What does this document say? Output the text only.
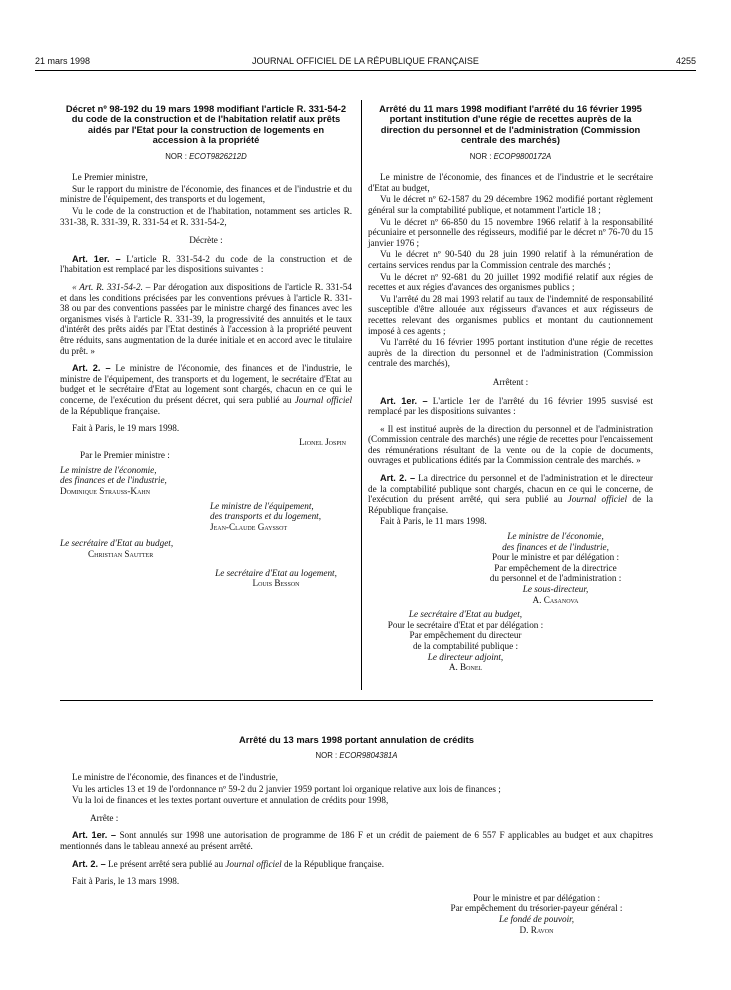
21 mars 1998	JOURNAL OFFICIEL DE LA RÉPUBLIQUE FRANÇAISE	4255
Décret nº 98-192 du 19 mars 1998 modifiant l'article R. 331-54-2 du code de la construction et de l'habitation relatif aux prêts aidés par l'Etat pour la construction de logements en accession à la propriété
NOR : ECOT9826212D

Le Premier ministre,

Sur le rapport du ministre de l'économie, des finances et de l'industrie et du ministre de l'équipement, des transports et du logement,

Vu le code de la construction et de l'habitation, notamment ses articles R. 331-38, R. 331-39, R. 331-54 et R. 331-54-2,

Décrète :

Art. 1er. – L'article R. 331-54-2 du code de la construction et de l'habitation est remplacé par les dispositions suivantes :

« Art. R. 331-54-2. – Par dérogation aux dispositions de l'article R. 331-54 et dans les conditions précisées par les conventions prévues à l'article R. 331-38 ou par des conventions passées par le ministre chargé des finances avec les organismes visés à l'article R. 331-39, la progressivité des annuités et le taux d'intérêt des prêts aidés par l'Etat destinés à l'accession à la propriété peuvent être réduits, sans augmentation de la durée initiale et en accord avec le titulaire du prêt. »

Art. 2. – Le ministre de l'économie, des finances et de l'industrie, le ministre de l'équipement, des transports et du logement, le secrétaire d'Etat au budget et le secrétaire d'Etat au logement sont chargés, chacun en ce qui le concerne, de l'exécution du présent décret, qui sera publié au Journal officiel de la République française.

Fait à Paris, le 19 mars 1998.

Lionel Jospin
Par le Premier ministre :
Le ministre de l'économie,
des finances et de l'industrie,
Dominique Strauss-Kahn
Le ministre de l'équipement,
des transports et du logement,
Jean-Claude Gayssot
Le secrétaire d'Etat au budget,
Christian Sautter
Le secrétaire d'Etat au logement,
Louis Besson
Arrêté du 11 mars 1998 modifiant l'arrêté du 16 février 1995 portant institution d'une régie de recettes auprès de la direction du personnel et de l'administration (Commission centrale des marchés)
NOR : ECOP9800172A

Le ministre de l'économie, des finances et de l'industrie et le secrétaire d'Etat au budget,

Vu le décret nº 62-1587 du 29 décembre 1962 modifié portant règlement général sur la comptabilité publique, et notamment l'article 18 ;

Vu le décret nº 66-850 du 15 novembre 1966 relatif à la responsabilité pécuniaire et personnelle des régisseurs, modifié par le décret nº 76-70 du 15 janvier 1976 ;

Vu le décret nº 90-540 du 28 juin 1990 relatif à la rémunération de certains services rendus par la Commission centrale des marchés ;

Vu le décret nº 92-681 du 20 juillet 1992 modifié relatif aux régies de recettes et aux régies d'avances des organismes publics ;

Vu l'arrêté du 28 mai 1993 relatif au taux de l'indemnité de responsabilité susceptible d'être allouée aux régisseurs d'avances et aux régisseurs de recettes relevant des organismes publics et montant du cautionnement imposé à ces agents ;

Vu l'arrêté du 16 février 1995 portant institution d'une régie de recettes auprès de la direction du personnel et de l'administration (Commission centrale des marchés),

Arrêtent :

Art. 1er. – L'article 1er de l'arrêté du 16 février 1995 susvisé est remplacé par les dispositions suivantes :

« Il est institué auprès de la direction du personnel et de l'administration (Commission centrale des marchés) une régie de recettes pour l'encaissement des rémunérations résultant de la vente ou de la copie de documents, ouvrages et publications édités par la Commission centrale des marchés. »

Art. 2. – La directrice du personnel et de l'administration et le directeur de la comptabilité publique sont chargés, chacun en ce qui le concerne, de l'exécution du présent arrêté, qui sera publié au Journal officiel de la République française.

Fait à Paris, le 11 mars 1998.

Le ministre de l'économie,
des finances et de l'industrie,
Pour le ministre et par délégation :
Par empêchement de la directrice
du personnel et de l'administration :
Le sous-directeur,
A. Casanova
Le secrétaire d'Etat au budget,
Pour le secrétaire d'Etat et par délégation :
Par empêchement du directeur
de la comptabilité publique :
Le directeur adjoint,
A. Bonel
Arrêté du 13 mars 1998 portant annulation de crédits
NOR : ECOR9804381A

Le ministre de l'économie, des finances et de l'industrie,

Vu les articles 13 et 19 de l'ordonnance nº 59-2 du 2 janvier 1959 portant loi organique relative aux lois de finances ;

Vu la loi de finances et les textes portant ouverture et annulation de crédits pour 1998,

Arrête :

Art. 1er. – Sont annulés sur 1998 une autorisation de programme de 186 F et un crédit de paiement de 6 557 F applicables au budget et aux chapitres mentionnés dans le tableau annexé au présent arrêté.

Art. 2. – Le présent arrêté sera publié au Journal officiel de la République française.

Fait à Paris, le 13 mars 1998.

Pour le ministre et par délégation :
Par empêchement du trésorier-payeur général :
Le fondé de pouvoir,
D. Ravon
